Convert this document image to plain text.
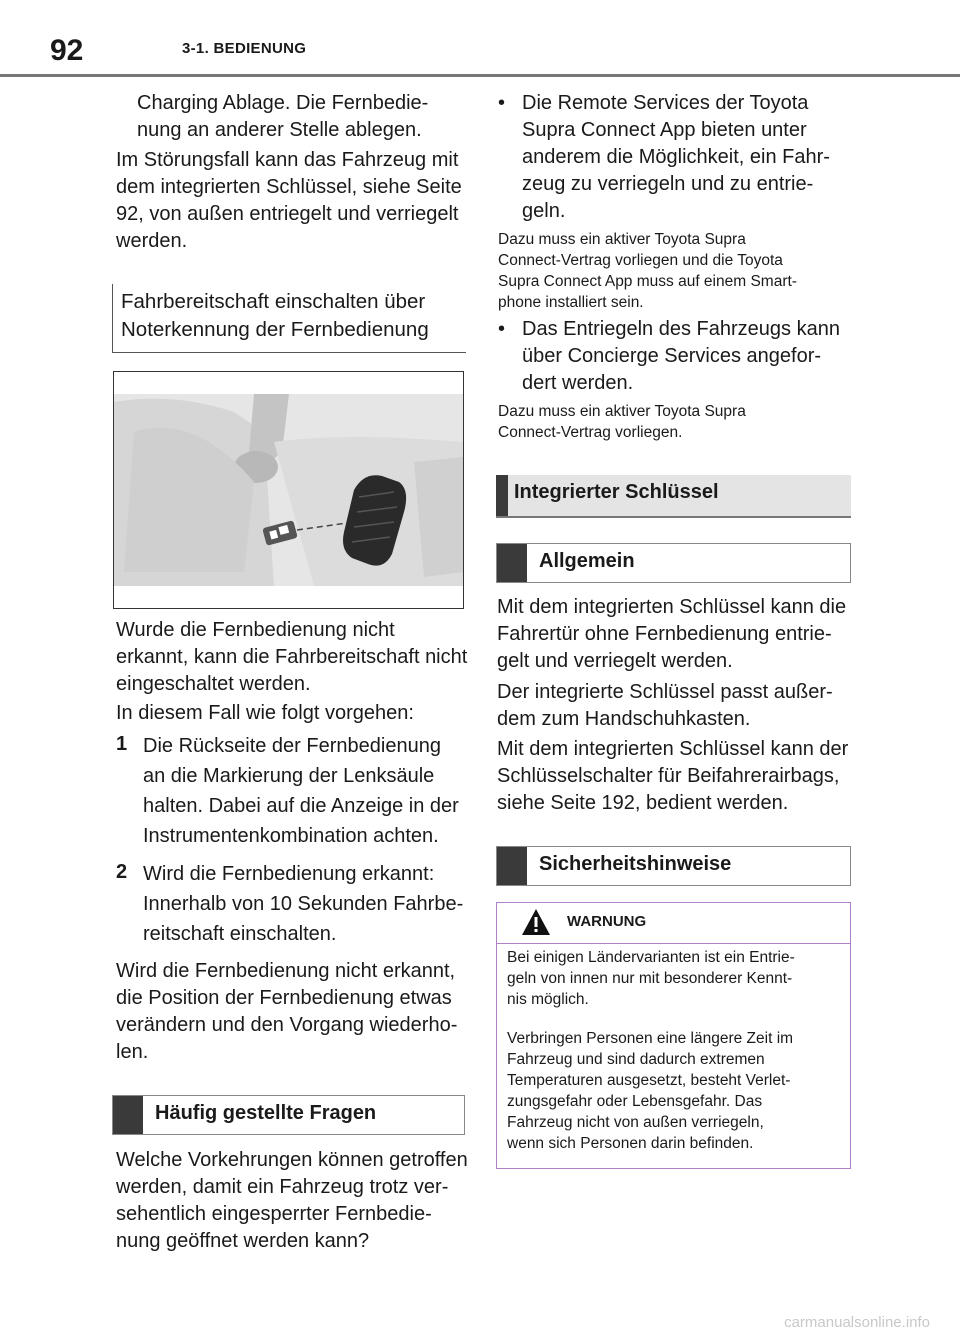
92	3-1. BEDIENUNG
Charging Ablage. Die Fernbedie-
nung an anderer Stelle ablegen.
Im Störungsfall kann das Fahrzeug mit
dem integrierten Schlüssel, siehe Seite
92, von außen entriegelt und verriegelt
werden.
Fahrbereitschaft einschalten über
Noterkennung der Fernbedienung
Wurde die Fernbedienung nicht
erkannt, kann die Fahrbereitschaft nicht
eingeschaltet werden.
In diesem Fall wie folgt vorgehen:
1 Die Rückseite der Fernbedienung
an die Markierung der Lenksäule
halten. Dabei auf die Anzeige in der
Instrumentenkombination achten.
2 Wird die Fernbedienung erkannt:
Innerhalb von 10 Sekunden Fahrbe-
reitschaft einschalten.
Wird die Fernbedienung nicht erkannt,
die Position der Fernbedienung etwas
verändern und den Vorgang wiederho-
len.
Häufig gestellte Fragen
Welche Vorkehrungen können getroffen
werden, damit ein Fahrzeug trotz ver-
sehentlich eingesperrter Fernbedie-
nung geöffnet werden kann?
• Die Remote Services der Toyota
Supra Connect App bieten unter
anderem die Möglichkeit, ein Fahr-
zeug zu verriegeln und zu entrie-
geln.
Dazu muss ein aktiver Toyota Supra
Connect-Vertrag vorliegen und die Toyota
Supra Connect App muss auf einem Smart-
phone installiert sein.
• Das Entriegeln des Fahrzeugs kann
über Concierge Services angefor-
dert werden.
Dazu muss ein aktiver Toyota Supra
Connect-Vertrag vorliegen.
Integrierter Schlüssel
Allgemein
Mit dem integrierten Schlüssel kann die
Fahrertür ohne Fernbedienung entrie-
gelt und verriegelt werden.
Der integrierte Schlüssel passt außer-
dem zum Handschuhkasten.
Mit dem integrierten Schlüssel kann der
Schlüsselschalter für Beifahrerairbags,
siehe Seite 192, bedient werden.
Sicherheitshinweise
WARNUNG
Bei einigen Ländervarianten ist ein Entrie-
geln von innen nur mit besonderer Kennt-
nis möglich.
Verbringen Personen eine längere Zeit im
Fahrzeug und sind dadurch extremen
Temperaturen ausgesetzt, besteht Verlet-
zungsgefahr oder Lebensgefahr. Das
Fahrzeug nicht von außen verriegeln,
wenn sich Personen darin befinden.
carmanualsonline.info
